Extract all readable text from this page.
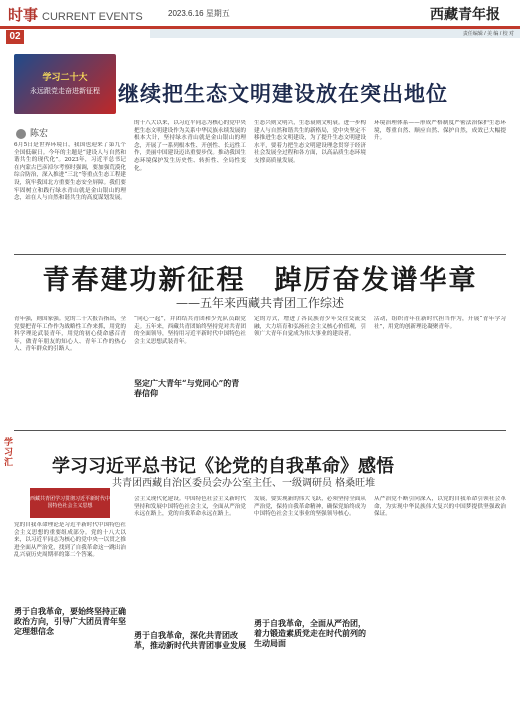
时事 CURRENT EVENTS	2023.6.16 星期五	西藏青年报
02	责任编辑 / 美 编 / 校 对
学习二十大
永远跟党走奋进新征程 继续把生态文明建设放在突出地位
陈宏
6月5日是世界环境日，我国也迎来了第九个全国低碳日。今年的主题是“建设人与自然和谐共生的现代化”。2023年，习近平总书记在内蒙古巴彦淖尔考察时强调，要加强荒漠化综合防治，深入推进“三北”等重点生态工程建设，筑牢我国北方重要生态安全屏障。我们要牢固树立和践行绿水青山就是金山银山的理念，站在人与自然和谐共生的高度谋划发展。
的十八大以来，以习近平同志为核心的党中央把生态文明建设作为关系中华民族永续发展的根本大计，坚持绿水青山就是金山银山的理念，开展了一系列根本性、开创性、长远性工作，美丽中国建设迈出重要步伐。推动我国生态环境保护发生历史性、转折性、全局性变化。
生态兴则文明兴，生态衰则文明衰。进一步构建人与自然和谐共生的新格局，党中央坚定不移推进生态文明建设，为了提升生态文明建设水平，要着力把生态文明建设理念贯穿于经济社会发展全过程和各方面，以高品质生态环境支撑高质量发展。
环境治理体系——形成严格制度严密法治保护生态环境，尊重自然、顺应自然、保护自然，成效已大幅提升。
青春建功新征程　踔厉奋发谱华章
——五年来西藏共青团工作综述
青年强，则国家强。党的二十大报告指出，全党要把青年工作作为战略性工作来抓，用党的科学理论武装青年，用党的初心使命感召青年，做青年朋友的知心人、青年工作的热心人、青年群众的引路人。
“同心一起”，并团结共青团和少先队员跟党走。五年来，西藏共青团始终坚持党对共青团的全面领导，坚持用习近平新时代中国特色社会主义思想武装青年。
坚定广大青年“与党同心”的青春信仰
定的方式，增进了各民族青少年交往交流交融，大力培育和弘扬社会主义核心价值观，引领广大青年自觉成为伟大事业的建设者。
活动，组织青年在新时代担当作为，开展“青年学习社”，用党的创新理论凝聚青年。
学习汇 学习习近平总书记《论党的自我革命》感悟
共青团西藏自治区委员会办公室主任、一级调研员 格桑旺堆
西藏共青团学习贯彻习近平新时代中国特色社会主义思想
党的自我革命理论是习近平新时代中国特色社会主义思想的重要组成部分。党的十八大以来，以习近平同志为核心的党中央一以贯之推进全面从严治党，找到了自我革命这一跳出治乱兴衰历史周期率的第二个答案。
勇于自我革命，要始终坚持正确政治方向，引导广大团员青年坚定理想信念
会主义现代化建设。中国特色社会主义新时代坚持和发展中国特色社会主义，全面从严治党永远在路上，党的自我革命永远在路上。
勇于自我革命，深化共青团改革，推动新时代共青团事业发展
发展，要实现新的伟大飞跃，必须坚持全面从严治党，保持自我革命精神，确保党始终成为中国特色社会主义事业的坚强领导核心。
勇于自我革命，全面从严治团，着力锻造素质党走在时代前列的生动局面
从严治党不断引向深入，以党的自我革命引领社会革命，为实现中华民族伟大复兴的中国梦提供坚强政治保证。
